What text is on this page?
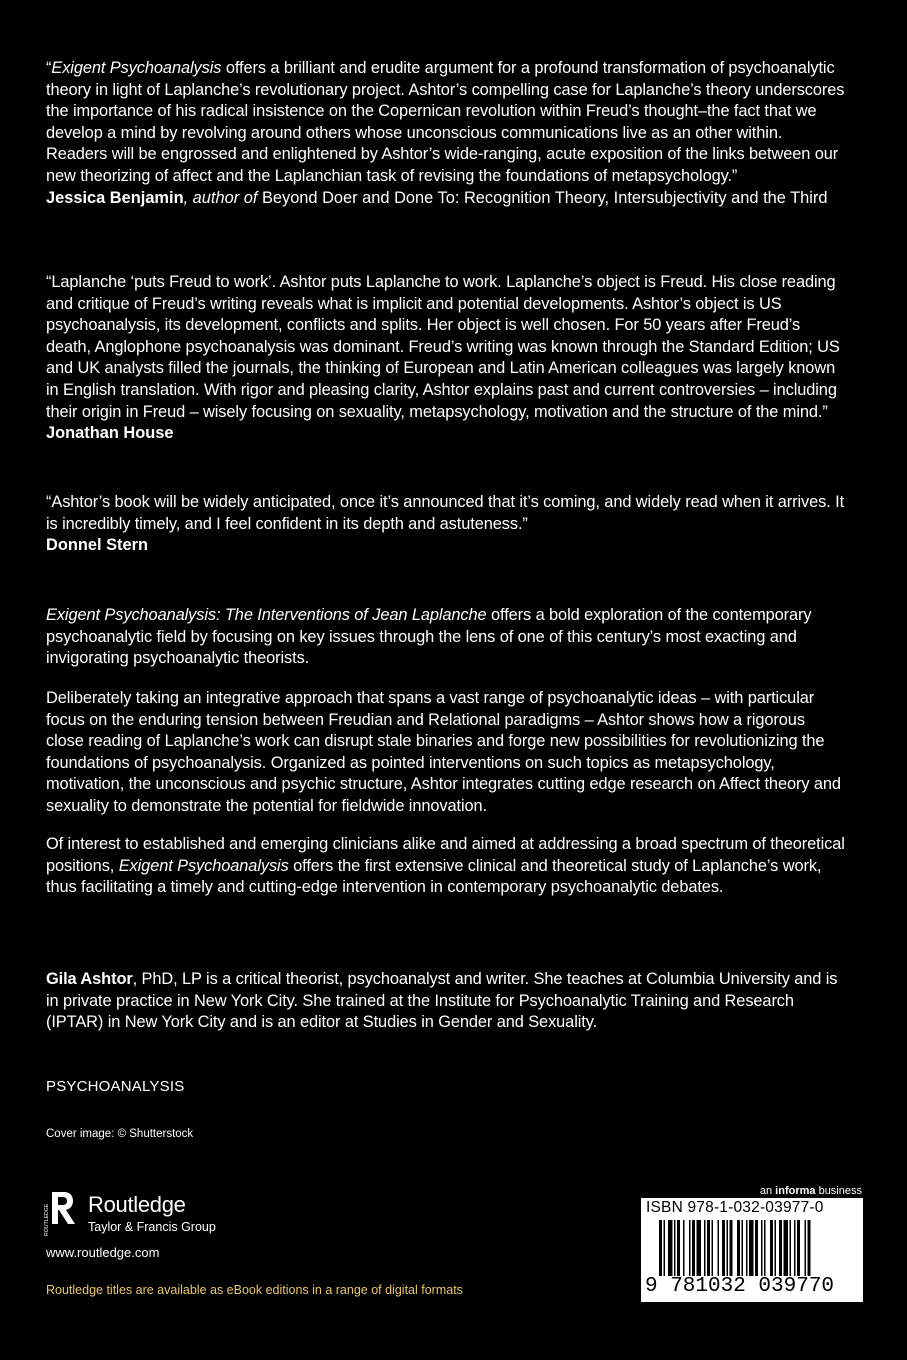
“Exigent Psychoanalysis offers a brilliant and erudite argument for a profound transformation of psychoanalytic theory in light of Laplanche’s revolutionary project. Ashtor’s compelling case for Laplanche’s theory underscores the importance of his radical insistence on the Copernican revolution within Freud’s thought–the fact that we develop a mind by revolving around others whose unconscious communications live as an other within. Readers will be engrossed and enlightened by Ashtor’s wide-ranging, acute exposition of the links between our new theorizing of affect and the Laplanchian task of revising the foundations of metapsychology.”

Jessica Benjamin, author of Beyond Doer and Done To: Recognition Theory, Intersubjectivity and the Third

“Laplanche ‘puts Freud to work’. Ashtor puts Laplanche to work. Laplanche’s object is Freud. His close reading and critique of Freud’s writing reveals what is implicit and potential developments. Ashtor’s object is US psychoanalysis, its development, conflicts and splits. Her object is well chosen. For 50 years after Freud’s death, Anglophone psychoanalysis was dominant. Freud’s writing was known through the Standard Edition; US and UK analysts filled the journals, the thinking of European and Latin American colleagues was largely known in English translation. With rigor and pleasing clarity, Ashtor explains past and current controversies – including their origin in Freud – wisely focusing on sexuality, metapsychology, motivation and the structure of the mind.”

Jonathan House

“Ashtor’s book will be widely anticipated, once it’s announced that it’s coming, and widely read when it arrives. It is incredibly timely, and I feel confident in its depth and astuteness.”

Donnel Stern

Exigent Psychoanalysis: The Interventions of Jean Laplanche offers a bold exploration of the contemporary psychoanalytic field by focusing on key issues through the lens of one of this century’s most exacting and invigorating psychoanalytic theorists.

Deliberately taking an integrative approach that spans a vast range of psychoanalytic ideas – with particular focus on the enduring tension between Freudian and Relational paradigms – Ashtor shows how a rigorous close reading of Laplanche’s work can disrupt stale binaries and forge new possibilities for revolutionizing the foundations of psychoanalysis. Organized as pointed interventions on such topics as metapsychology, motivation, the unconscious and psychic structure, Ashtor integrates cutting edge research on Affect theory and sexuality to demonstrate the potential for fieldwide innovation.

Of interest to established and emerging clinicians alike and aimed at addressing a broad spectrum of theoretical positions, Exigent Psychoanalysis offers the first extensive clinical and theoretical study of Laplanche’s work, thus facilitating a timely and cutting-edge intervention in contemporary psychoanalytic debates.

Gila Ashtor, PhD, LP is a critical theorist, psychoanalyst and writer. She teaches at Columbia University and is in private practice in New York City. She trained at the Institute for Psychoanalytic Training and Research (IPTAR) in New York City and is an editor at Studies in Gender and Sexuality.

PSYCHOANALYSIS
Cover image: © Shutterstock
ROUTLEDGE Routledge
Taylor & Francis Group
www.routledge.com
Routledge titles are available as eBook editions in a range of digital formats
an informa business
ISBN 978-1-032-03977-0
9 781032 039770
